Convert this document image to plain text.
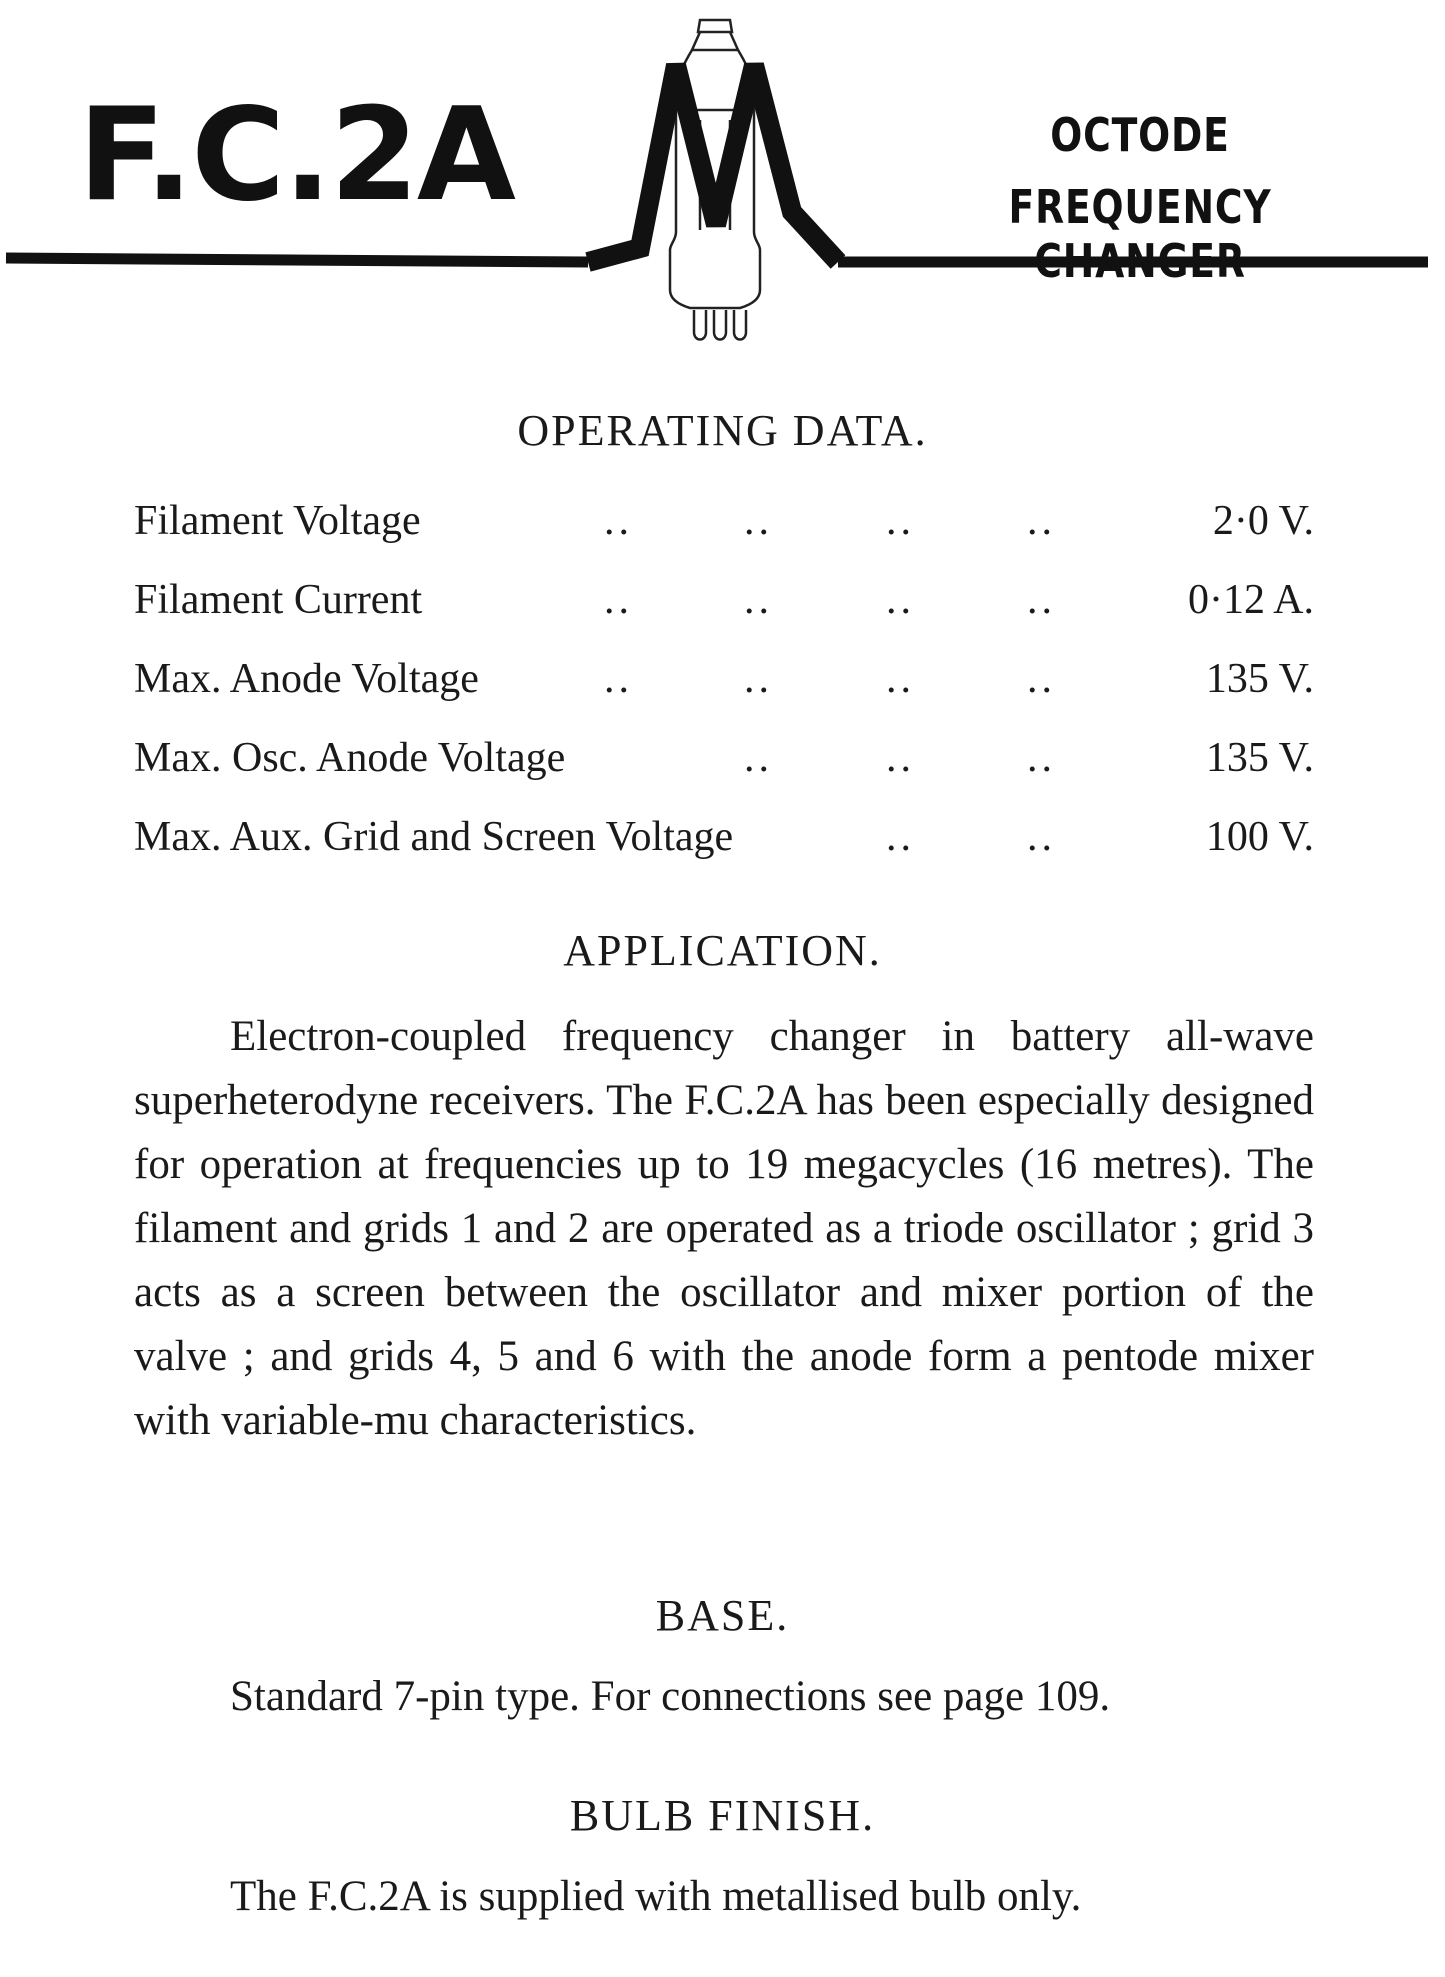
F.C.2A	OCTODE
FREQUENCY CHANGER
OPERATING DATA.
Filament Voltage	..	..	..	..	2·0 V.
Filament Current	..	..	..	..	0·12 A.
Max. Anode Voltage	..	..	..	..	135 V.
Max. Osc. Anode Voltage	..	..	..	135 V.
Max. Aux. Grid and Screen Voltage	..	..	100 V.
APPLICATION.
Electron-coupled frequency changer in battery all-wave superheterodyne receivers. The F.C.2A has been especially designed for operation at frequencies up to 19 megacycles (16 metres). The filament and grids 1 and 2 are operated as a triode oscillator ; grid 3 acts as a screen between the oscillator and mixer portion of the valve ; and grids 4, 5 and 6 with the anode form a pentode mixer with variable-mu characteristics.
BASE.
Standard 7-pin type. For connections see page 109.
BULB FINISH.
The F.C.2A is supplied with metallised bulb only.
